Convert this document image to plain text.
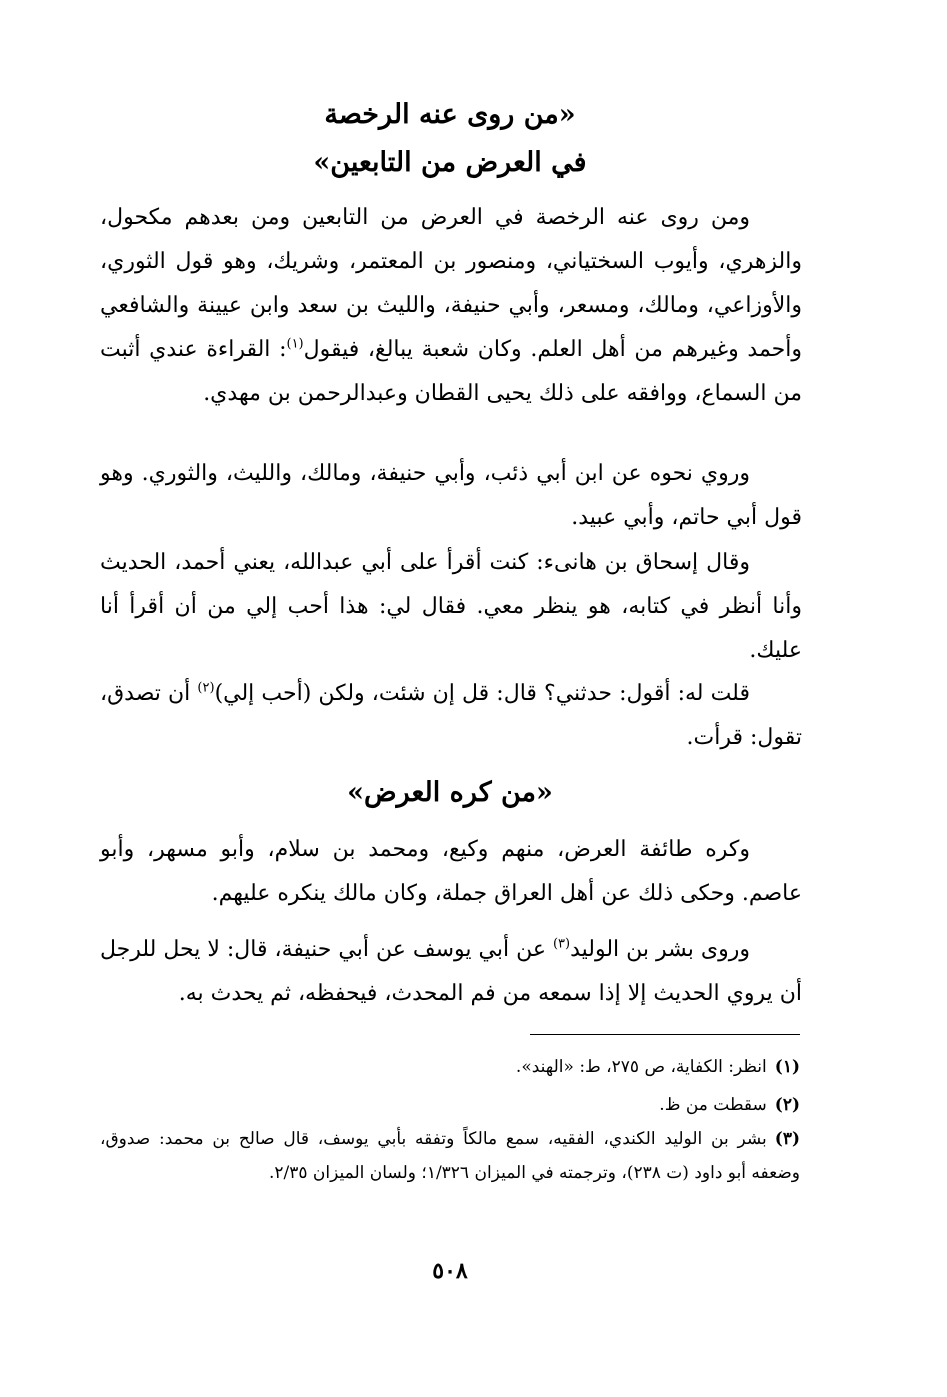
«من روى عنه الرخصة
في العرض من التابعين»

ومن روى عنه الرخصة في العرض من التابعين ومن بعدهم مكحول، والزهري، وأيوب السختياني، ومنصور بن المعتمر، وشريك، وهو قول الثوري، والأوزاعي، ومالك، ومسعر، وأبي حنيفة، والليث بن سعد وابن عيينة والشافعي وأحمد وغيرهم من أهل العلم. وكان شعبة يبالغ، فيقول$^{(١)}$: القراءة عندي أثبت من السماع، ووافقه على ذلك يحيى القطان وعبدالرحمن بن مهدي.

وروي نحوه عن ابن أبي ذئب، وأبي حنيفة، ومالك، والليث، والثوري. وهو قول أبي حاتم، وأبي عبيد.

وقال إسحاق بن هانىء: كنت أقرأ على أبي عبدالله، يعني أحمد، الحديث وأنا أنظر في كتابه، هو ينظر معي. فقال لي: هذا أحب إلي من أن أقرأ أنا عليك.

قلت له: أقول: حدثني؟ قال: قل إن شئت، ولكن (أحب إلي)$^{(٢)}$ أن تصدق، تقول: قرأت.

«من كره العرض»

وكره طائفة العرض، منهم وكيع، ومحمد بن سلام، وأبو مسهر، وأبو عاصم. وحكى ذلك عن أهل العراق جملة، وكان مالك ينكره عليهم.

وروى بشر بن الوليد$^{(٣)}$ عن أبي يوسف عن أبي حنيفة، قال: لا يحل للرجل أن يروي الحديث إلا إذا سمعه من فم المحدث، فيحفظه، ثم يحدث به.

(١)انظر: الكفاية، ص ٢٧٥، ط: «الهند».
(٢)سقطت من ظ.
(٣)بشر بن الوليد الكندي، الفقيه، سمع مالكاً وتفقه بأبي يوسف، قال صالح بن محمد: صدوق، وضعفه أبو داود (ت ٢٣٨)، وترجمته في الميزان ١/٣٢٦؛ ولسان الميزان ٢/٣٥.
٥٠٨
